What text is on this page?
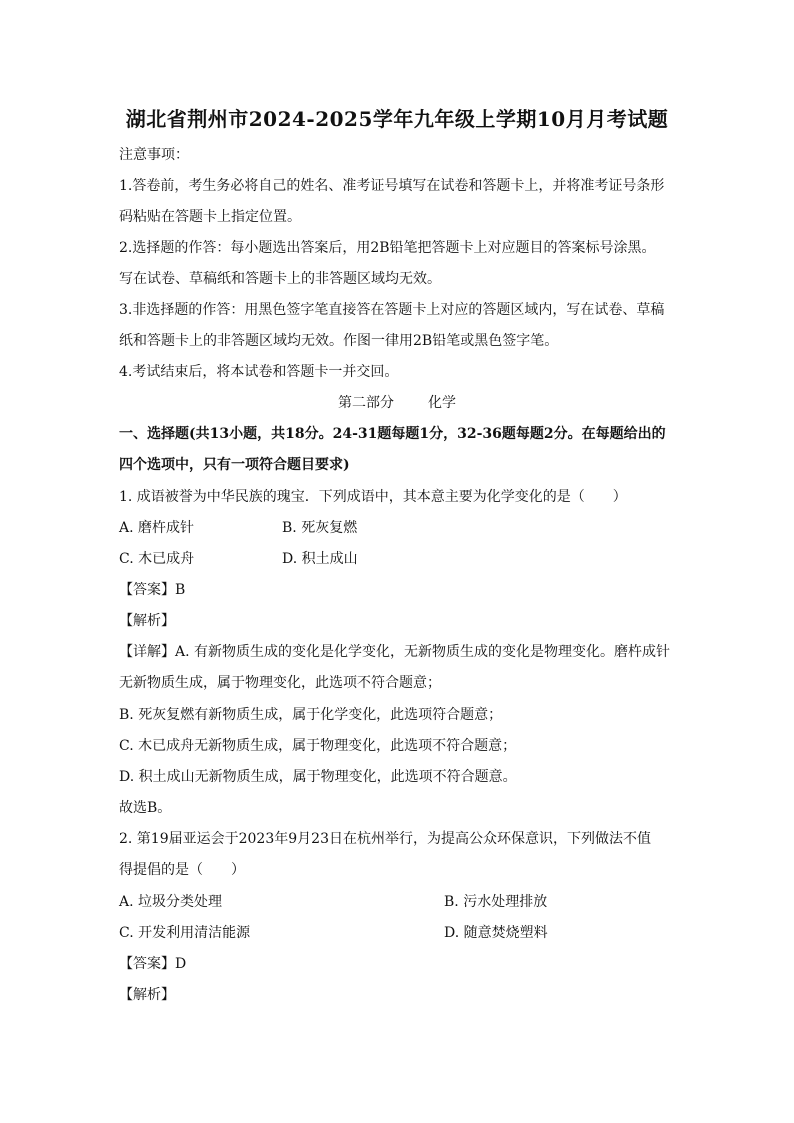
湖北省荆州市2024-2025学年九年级上学期10月月考试题
注意事项：
1.答卷前，考生务必将自己的姓名、准考证号填写在试卷和答题卡上，并将准考证号条形
码粘贴在答题卡上指定位置。
2.选择题的作答：每小题选出答案后，用2B铅笔把答题卡上对应题目的答案标号涂黑。
写在试卷、草稿纸和答题卡上的非答题区域均无效。
3.非选择题的作答：用黑色签字笔直接答在答题卡上对应的答题区域内，写在试卷、草稿
纸和答题卡上的非答题区域均无效。作图一律用2B铅笔或黑色签字笔。
4.考试结束后，将本试卷和答题卡一并交回。
第二部分 化学
一、选择题(共13小题，共18分。24-31题每题1分，32-36题每题2分。在每题给出的
四个选项中，只有一项符合题目要求)
1. 成语被誉为中华民族的瑰宝．下列成语中，其本意主要为化学变化的是（　　）
A. 磨杵成针	B. 死灰复燃
C. 木已成舟	D. 积土成山
【答案】B
【解析】
【详解】A. 有新物质生成的变化是化学变化，无新物质生成的变化是物理变化。磨杵成针
无新物质生成，属于物理变化，此选项不符合题意；
B. 死灰复燃有新物质生成，属于化学变化，此选项符合题意；
C. 木已成舟无新物质生成，属于物理变化，此选项不符合题意；
D. 积土成山无新物质生成，属于物理变化，此选项不符合题意。
故选B。
2. 第19届亚运会于2023年9月23日在杭州举行，为提高公众环保意识，下列做法不值
得提倡的是（　　）
A. 垃圾分类处理	B. 污水处理排放
C. 开发利用清洁能源	D. 随意焚烧塑料
【答案】D
【解析】
